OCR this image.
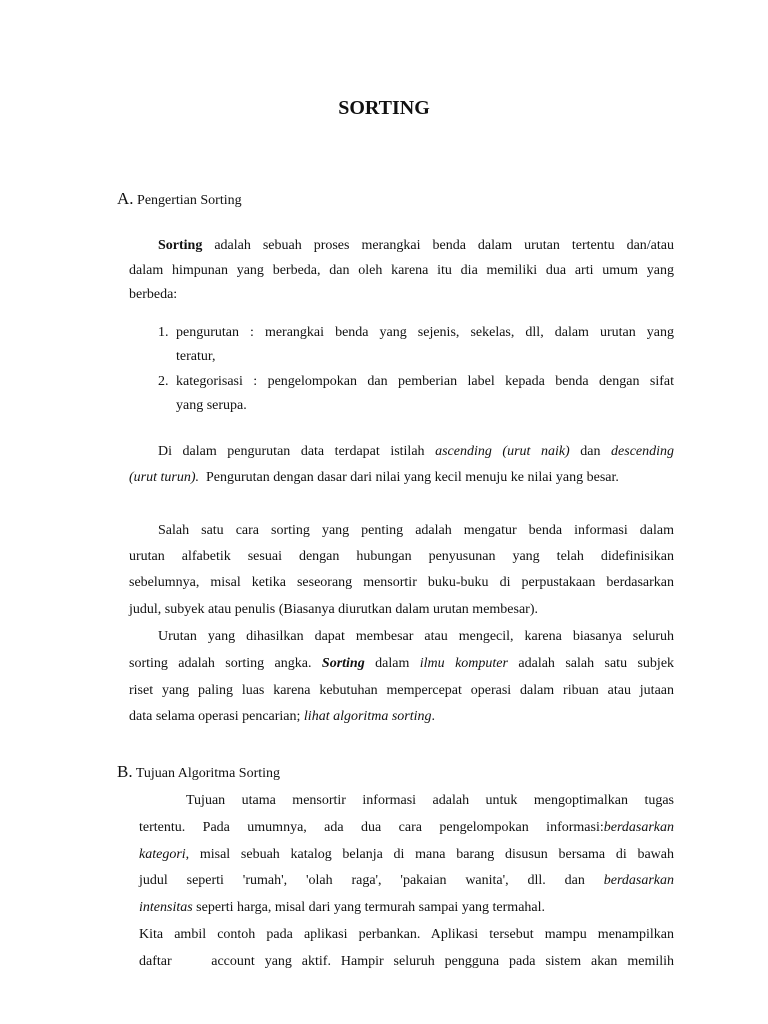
SORTING
A. Pengertian Sorting
Sorting adalah sebuah proses merangkai benda dalam urutan tertentu dan/atau
dalam himpunan yang berbeda, dan oleh karena itu dia memiliki dua arti umum yang
berbeda:
1. pengurutan : merangkai benda yang sejenis, sekelas, dll, dalam urutan yang
teratur,
2. kategorisasi : pengelompokan dan pemberian label kepada benda dengan sifat
yang serupa.
Di dalam pengurutan data terdapat istilah ascending (urut naik) dan descending
(urut turun). Pengurutan dengan dasar dari nilai yang kecil menuju ke nilai yang besar.
Salah satu cara sorting yang penting adalah mengatur benda informasi dalam
urutan alfabetik sesuai dengan hubungan penyusunan yang telah didefinisikan
sebelumnya, misal ketika seseorang mensortir buku-buku di perpustakaan berdasarkan
judul, subyek atau penulis (Biasanya diurutkan dalam urutan membesar).
Urutan yang dihasilkan dapat membesar atau mengecil, karena biasanya seluruh
sorting adalah sorting angka. Sorting dalam ilmu komputer adalah salah satu subjek
riset yang paling luas karena kebutuhan mempercepat operasi dalam ribuan atau jutaan
data selama operasi pencarian; lihat algoritma sorting.
B. Tujuan Algoritma Sorting
Tujuan utama mensortir informasi adalah untuk mengoptimalkan tugas
tertentu. Pada umumnya, ada dua cara pengelompokan informasi:berdasarkan
kategori, misal sebuah katalog belanja di mana barang disusun bersama di bawah
judul seperti 'rumah', 'olah raga', 'pakaian wanita', dll. dan berdasarkan
intensitas seperti harga, misal dari yang termurah sampai yang termahal.
Kita ambil contoh pada aplikasi perbankan. Aplikasi tersebut mampu menampilkan
daftar    account yang aktif. Hampir seluruh pengguna pada sistem akan memilih
